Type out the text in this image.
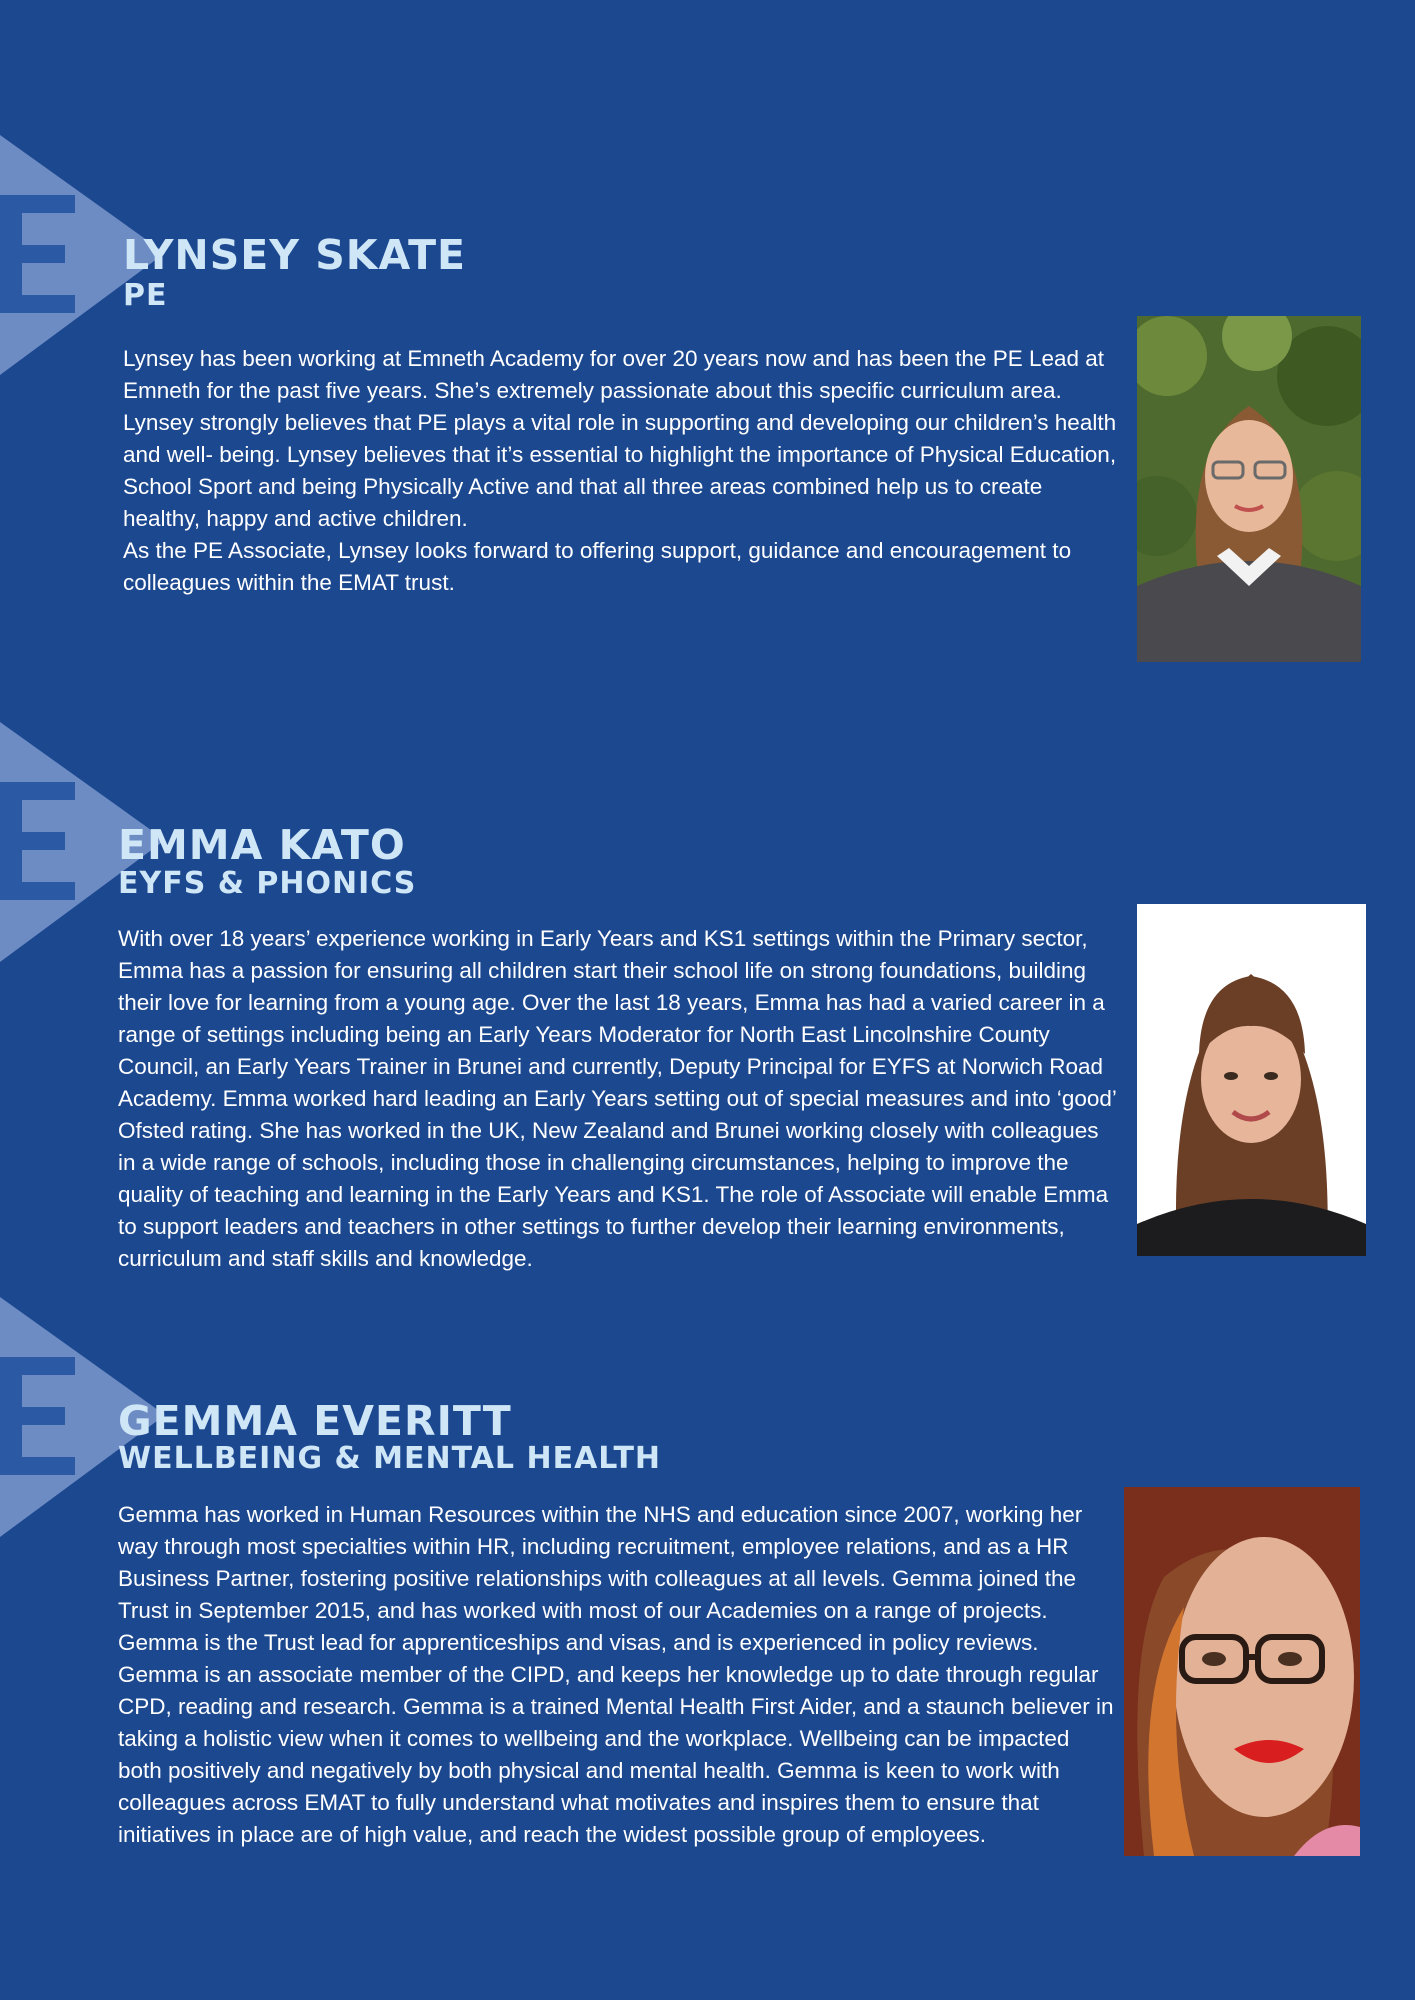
LYNSEY SKATE
PE

Lynsey has been working at Emneth Academy for over 20 years now and has been the PE Lead at Emneth for the past five years. She’s extremely passionate about this specific curriculum area.

Lynsey strongly believes that PE plays a vital role in supporting and developing our children’s health and well- being. Lynsey believes that it’s essential to highlight the importance of Physical Education, School Sport and being Physically Active and that all three areas combined help us to create healthy, happy and active children.

As the PE Associate, Lynsey looks forward to offering support, guidance and encouragement to colleagues within the EMAT trust.

EMMA KATO
EYFS & PHONICS

With over 18 years’ experience working in Early Years and KS1 settings within the Primary sector, Emma has a passion for ensuring all children start their school life on strong foundations, building their love for learning from a young age. Over the last 18 years, Emma has had a varied career in a range of settings including being an Early Years Moderator for North East Lincolnshire County Council, an Early Years Trainer in Brunei and currently, Deputy Principal for EYFS at Norwich Road Academy. Emma worked hard leading an Early Years setting out of special measures and into ‘good’ Ofsted rating. She has worked in the UK, New Zealand and Brunei working closely with colleagues in a wide range of schools, including those in challenging circumstances, helping to improve the quality of teaching and learning in the Early Years and KS1. The role of Associate will enable Emma to support leaders and teachers in other settings to further develop their learning environments, curriculum and staff skills and knowledge.

GEMMA EVERITT
WELLBEING & MENTAL HEALTH

Gemma has worked in Human Resources within the NHS and education since 2007, working her way through most specialties within HR, including recruitment, employee relations, and as a HR Business Partner, fostering positive relationships with colleagues at all levels. Gemma joined the Trust in September 2015, and has worked with most of our Academies on a range of projects. Gemma is the Trust lead for apprenticeships and visas, and is experienced in policy reviews. Gemma is an associate member of the CIPD, and keeps her knowledge up to date through regular CPD, reading and research. Gemma is a trained Mental Health First Aider, and a staunch believer in taking a holistic view when it comes to wellbeing and the workplace. Wellbeing can be impacted both positively and negatively by both physical and mental health. Gemma is keen to work with colleagues across EMAT to fully understand what motivates and inspires them to ensure that initiatives in place are of high value, and reach the widest possible group of employees.
